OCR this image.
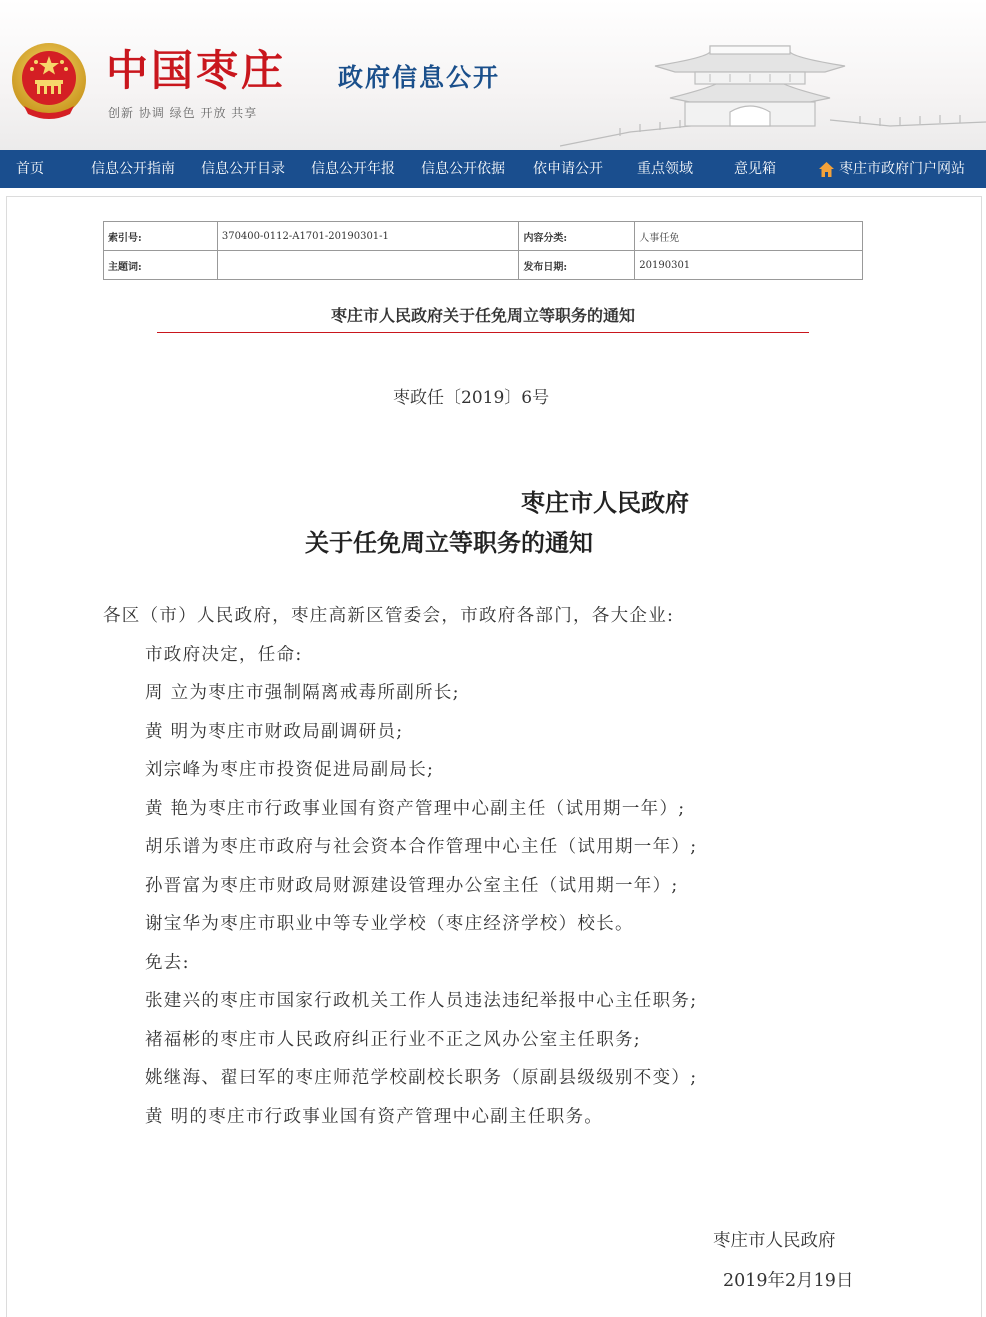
中国枣庄
创新 协调 绿色 开放 共享
政府信息公开
首页	信息公开指南 信息公开目录 信息公开年报 信息公开依据 依申请公开 重点领域	意见箱	枣庄市政府门户网站
索引号:	370400-0112-A1701-20190301-1	内容分类:	人事任免
主题词:		发布日期:	20190301
枣庄市人民政府关于任免周立等职务的通知
枣政任〔2019〕6号
枣庄市人民政府
关于任免周立等职务的通知

各区（市）人民政府，枣庄高新区管委会，市政府各部门，各大企业:

市政府决定，任命:

周 立为枣庄市强制隔离戒毒所副所长;

黄 明为枣庄市财政局副调研员;

刘宗峰为枣庄市投资促进局副局长;

黄 艳为枣庄市行政事业国有资产管理中心副主任（试用期一年）;

胡乐谱为枣庄市政府与社会资本合作管理中心主任（试用期一年）;

孙晋富为枣庄市财政局财源建设管理办公室主任（试用期一年）;

谢宝华为枣庄市职业中等专业学校（枣庄经济学校）校长。

免去:

张建兴的枣庄市国家行政机关工作人员违法违纪举报中心主任职务;

褚福彬的枣庄市人民政府纠正行业不正之风办公室主任职务;

姚继海、翟曰军的枣庄师范学校副校长职务（原副县级级别不变）;

黄 明的枣庄市行政事业国有资产管理中心副主任职务。

枣庄市人民政府
2019年2月19日
